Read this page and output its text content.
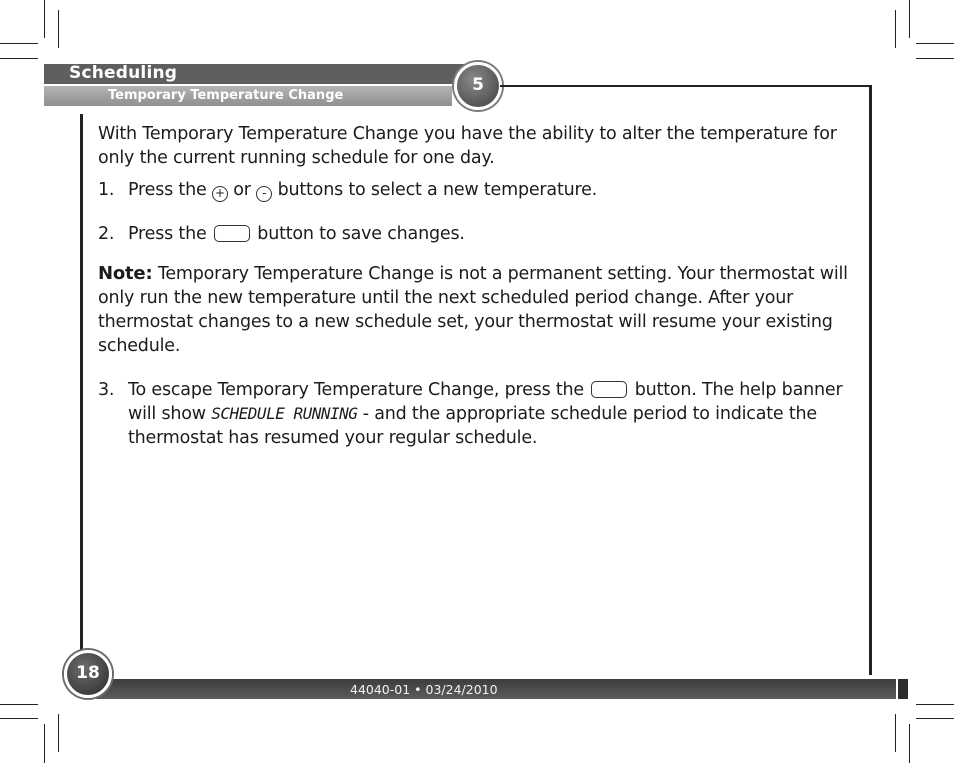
Scheduling
Temporary Temperature Change
5

With Temporary Temperature Change you have the ability to alter the temperature for only the current running schedule for one day.

1. Press the + or - buttons to select a new temperature.

2. Press the	button to save changes.

Note: Temporary Temperature Change is not a permanent setting. Your thermostat will only run the new temperature until the next scheduled period change. After your thermostat changes to a new schedule set, your thermostat will resume your existing schedule.

3. To escape Temporary Temperature Change, press the	button. The help banner will show SCHEDULE RUNNING - and the appropriate schedule period to indicate the thermostat has resumed your regular schedule.

44040-01 • 03/24/2010
18
